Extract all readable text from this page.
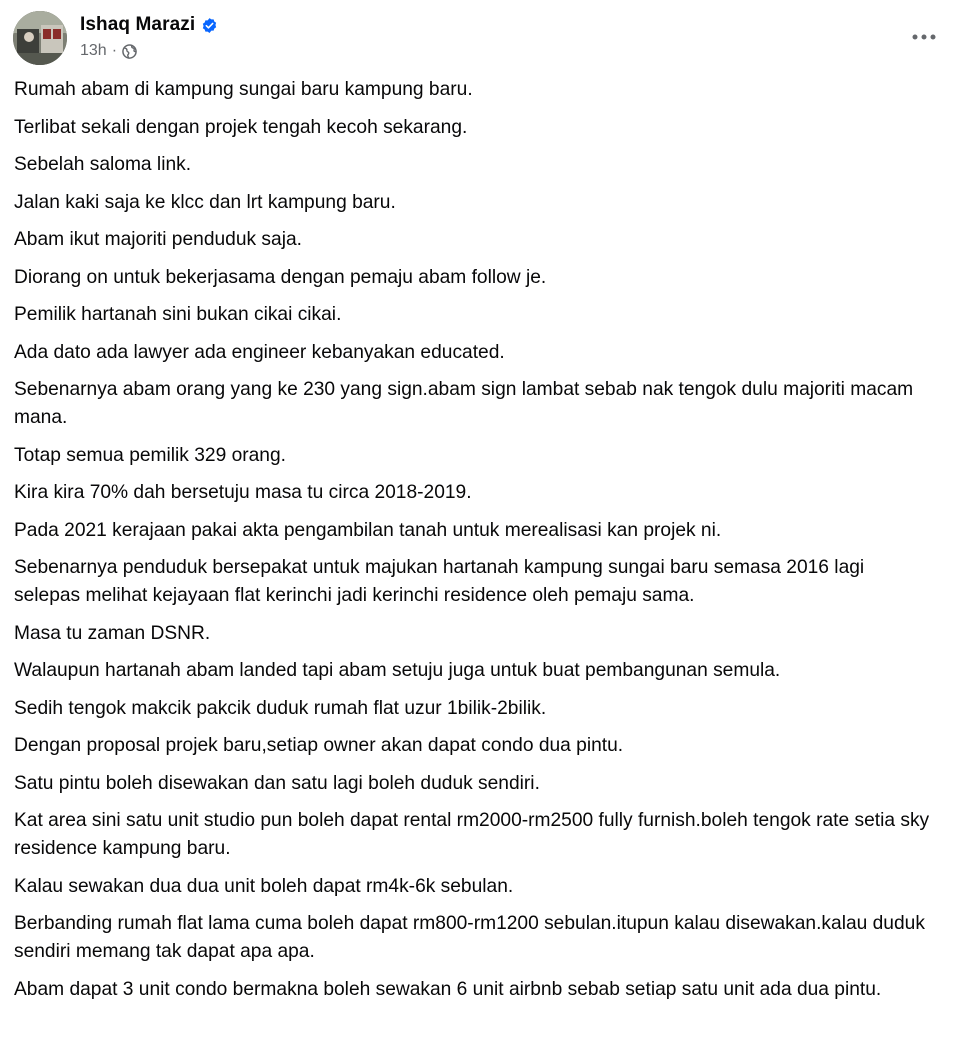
Ishaq Marazi
13h ·

Rumah abam di kampung sungai baru kampung baru.

Terlibat sekali dengan projek tengah kecoh sekarang.

Sebelah saloma link.

Jalan kaki saja ke klcc dan lrt kampung baru.

Abam ikut majoriti penduduk saja.

Diorang on untuk bekerjasama dengan pemaju abam follow je.

Pemilik hartanah sini bukan cikai cikai.

Ada dato ada lawyer ada engineer kebanyakan educated.

Sebenarnya abam orang yang ke 230 yang sign.abam sign lambat sebab nak tengok dulu majoriti macam mana.

Totap semua pemilik 329 orang.

Kira kira 70% dah bersetuju masa tu circa 2018-2019.

Pada 2021 kerajaan pakai akta pengambilan tanah untuk merealisasi kan projek ni.

Sebenarnya penduduk bersepakat untuk majukan hartanah kampung sungai baru semasa 2016 lagi selepas melihat kejayaan flat kerinchi jadi kerinchi residence oleh pemaju sama.

Masa tu zaman DSNR.

Walaupun hartanah abam landed tapi abam setuju juga untuk buat pembangunan semula.

Sedih tengok makcik pakcik duduk rumah flat uzur 1bilik-2bilik.

Dengan proposal projek baru,setiap owner akan dapat condo dua pintu.

Satu pintu boleh disewakan dan satu lagi boleh duduk sendiri.

Kat area sini satu unit studio pun boleh dapat rental rm2000-rm2500 fully furnish.boleh tengok rate setia sky residence kampung baru.

Kalau sewakan dua dua unit boleh dapat rm4k-6k sebulan.

Berbanding rumah flat lama cuma boleh dapat rm800-rm1200 sebulan.itupun kalau disewakan.kalau duduk sendiri memang tak dapat apa apa.

Abam dapat 3 unit condo bermakna boleh sewakan 6 unit airbnb sebab setiap satu unit ada dua pintu.
